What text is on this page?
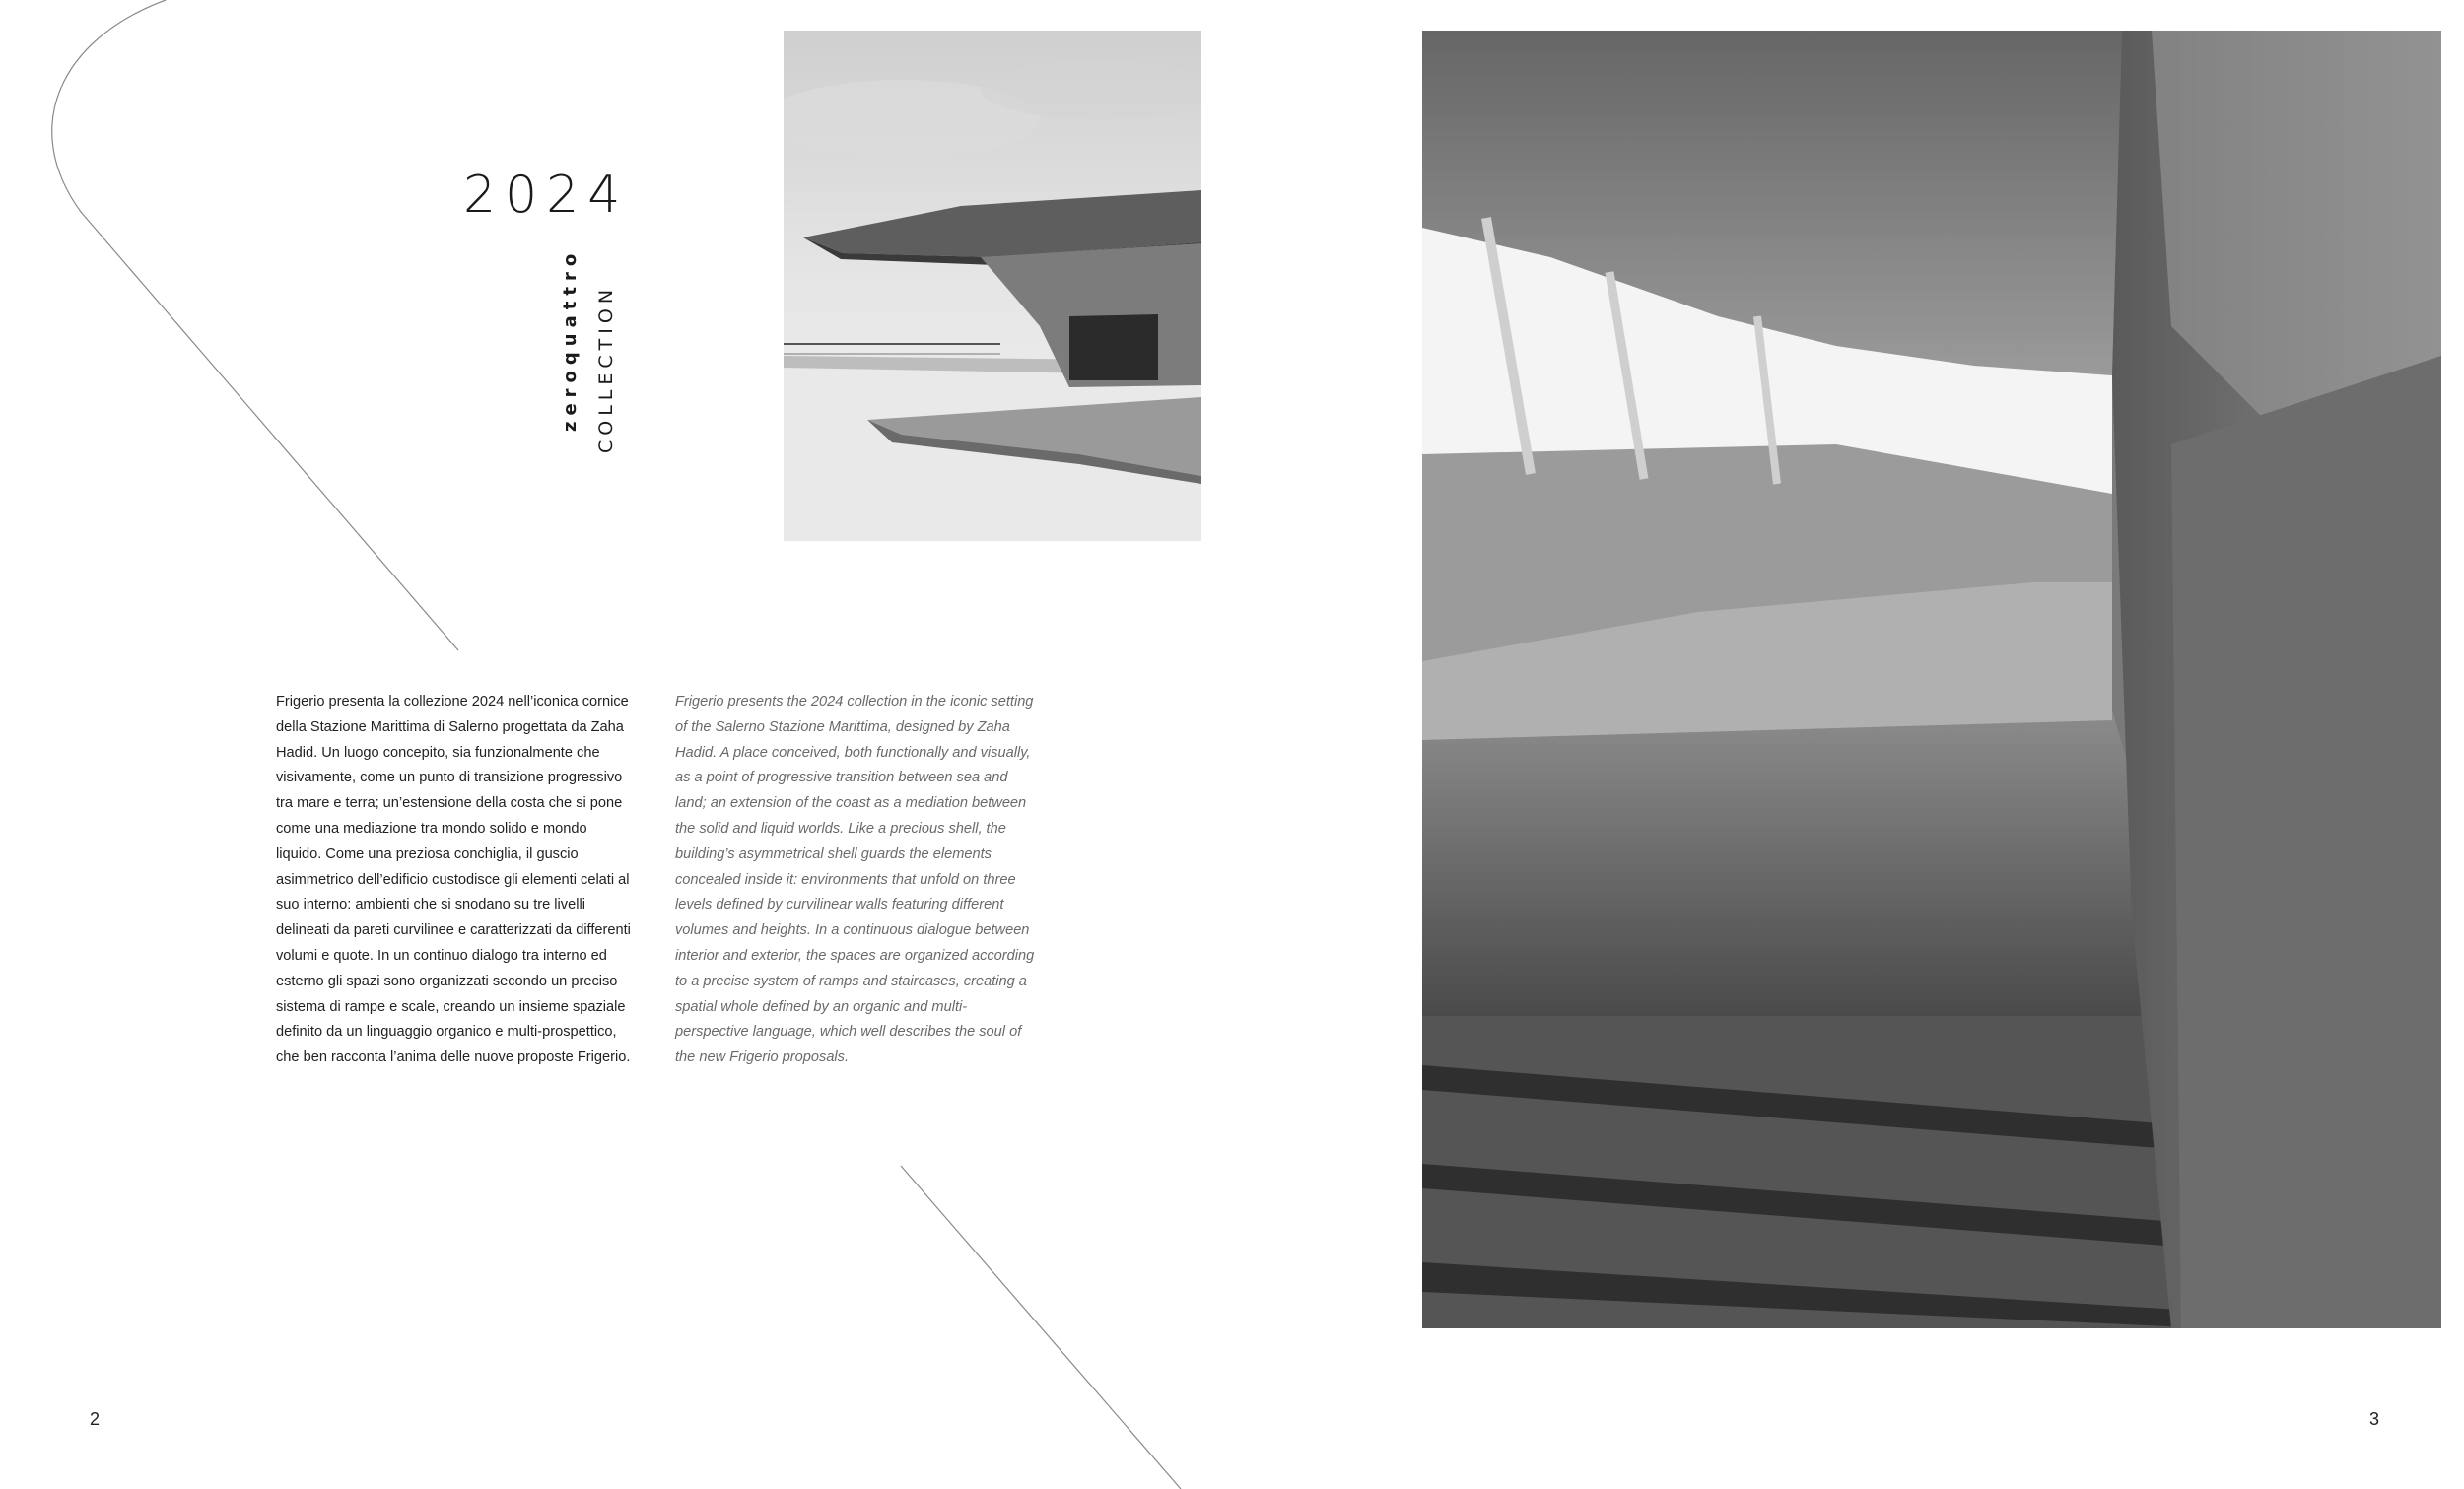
2024
zeroquattro COLLECTION
Frigerio presenta la collezione 2024 nell’iconica cornice della Stazione Marittima di Salerno progettata da Zaha Hadid. Un luogo concepito, sia funzionalmente che visivamente, come un punto di transizione progressivo tra mare e terra; un’estensione della costa che si pone come una mediazione tra mondo solido e mondo liquido. Come una preziosa conchiglia, il guscio asimmetrico dell’edificio custodisce gli elementi celati al suo interno: ambienti che si snodano su tre livelli delineati da pareti curvilinee e caratterizzati da differenti volumi e quote. In un continuo dialogo tra interno ed esterno gli spazi sono organizzati secondo un preciso sistema di rampe e scale, creando un insieme spaziale definito da un linguaggio organico e multi-prospettico, che ben racconta l’anima delle nuove proposte Frigerio.
Frigerio presents the 2024 collection in the iconic setting of the Salerno Stazione Marittima, designed by Zaha Hadid. A place conceived, both functionally and visually, as a point of progressive transition between sea and land; an extension of the coast as a mediation between the solid and liquid worlds. Like a precious shell, the building’s asymmetrical shell guards the elements concealed inside it: environments that unfold on three levels defined by curvilinear walls featuring different volumes and heights. In a continuous dialogue between interior and exterior, the spaces are organized according to a precise system of ramps and staircases, creating a spatial whole defined by an organic and multi-perspective language, which well describes the soul of the new Frigerio proposals.
2	3
